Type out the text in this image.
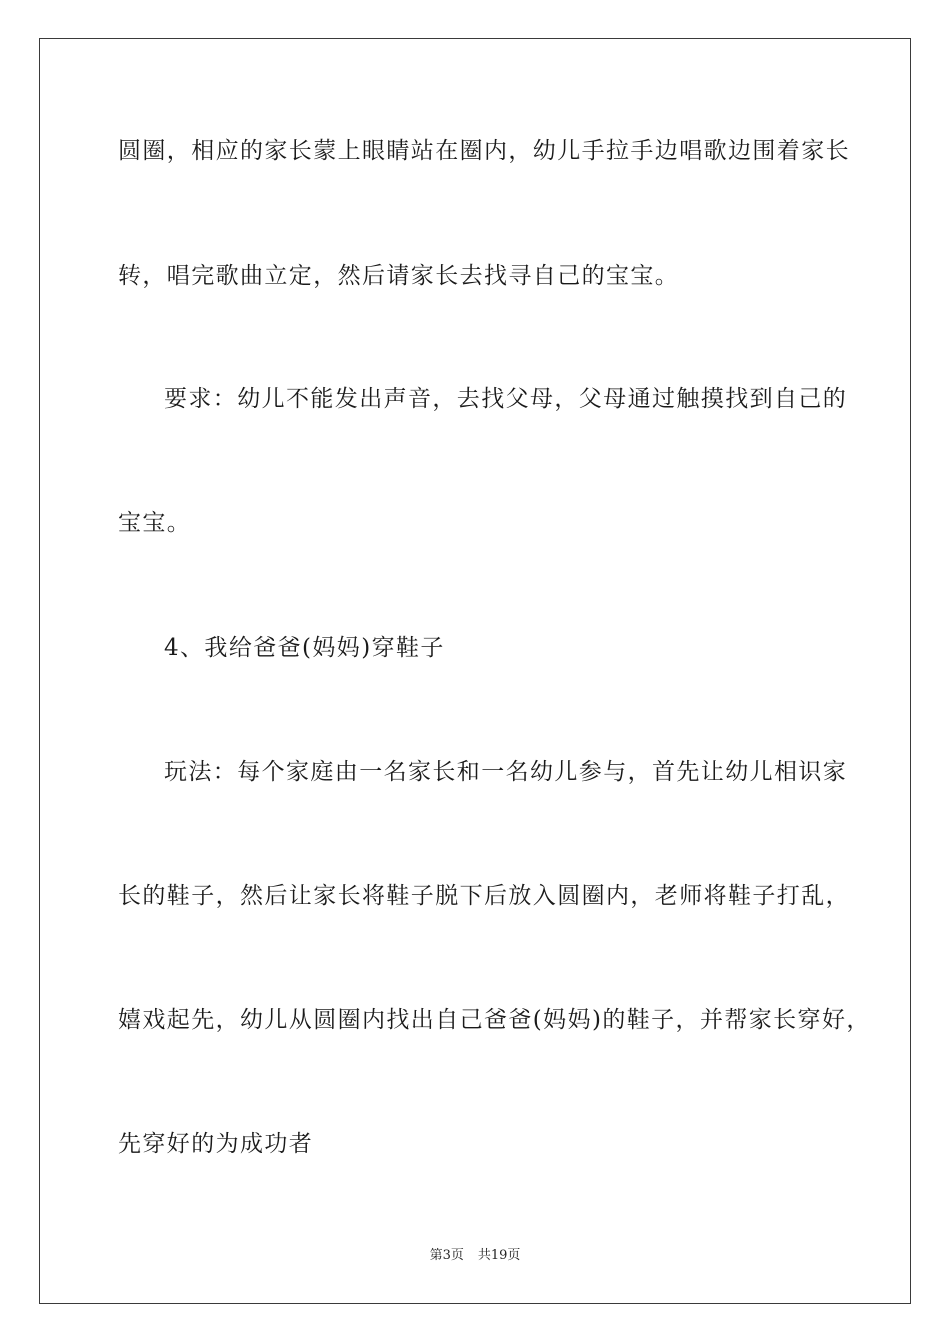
圆圈，相应的家长蒙上眼睛站在圈内，幼儿手拉手边唱歌边围着家长
转，唱完歌曲立定，然后请家长去找寻自己的宝宝。
要求：幼儿不能发出声音，去找父母，父母通过触摸找到自己的
宝宝。
4、我给爸爸(妈妈)穿鞋子
玩法：每个家庭由一名家长和一名幼儿参与，首先让幼儿相识家
长的鞋子，然后让家长将鞋子脱下后放入圆圈内，老师将鞋子打乱，
嬉戏起先，幼儿从圆圈内找出自己爸爸(妈妈)的鞋子，并帮家长穿好，
先穿好的为成功者
第3页 共19页
